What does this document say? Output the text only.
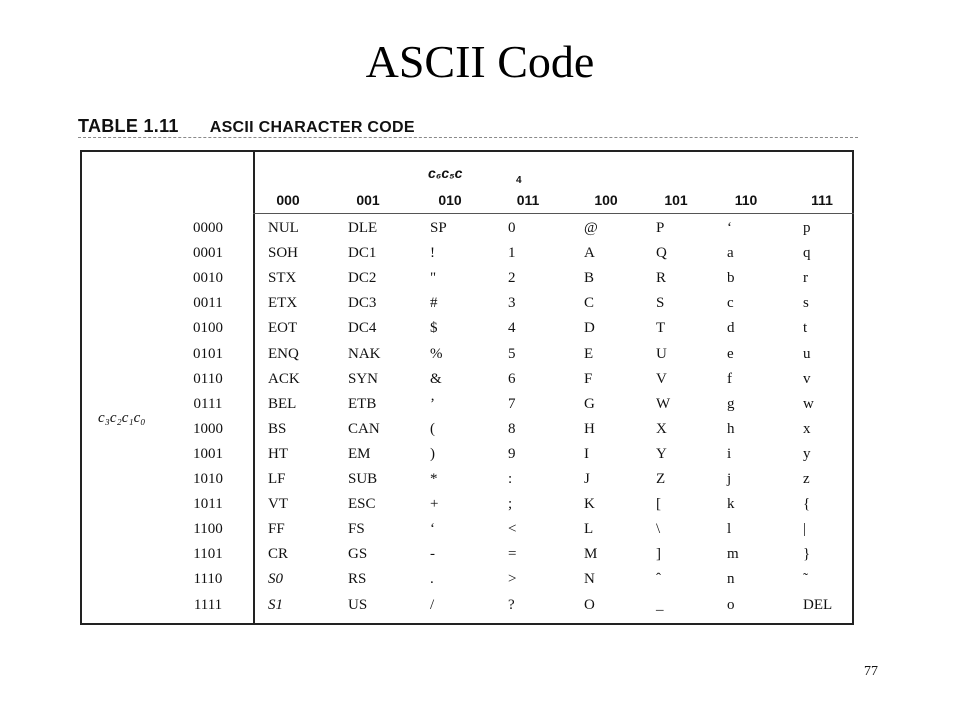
ASCII Code
TABLE 1.11 ASCII CHARACTER CODE
c₆c₅c	4
c₃c₂c₁c₀
000	001	010	011	100	101	110	111
0000	NUL	DLE	SP	0	@	P	‘	p
0001	SOH	DC1	!	1	A	Q	a	q
0010	STX	DC2	"	2	B	R	b	r
0011	ETX	DC3	#	3	C	S	c	s
0100	EOT	DC4	$	4	D	T	d	t
0101	ENQ	NAK	%	5	E	U	e	u
0110	ACK	SYN	&	6	F	V	f	v
0111	BEL	ETB	’	7	G	W	g	w
1000	BS	CAN	(	8	H	X	h	x
1001	HT	EM	)	9	I	Y	i	y
1010	LF	SUB	*	:	J	Z	j	z
1011	VT	ESC	+	;	K	[	k	{
1100	FF	FS	‘	<	L	\	l	|
1101	CR	GS	-	=	M	]	m	}
1110	S0	RS	.	>	N	ˆ	n	˜
1111	S1	US	/	?	O	_	o	DEL
77
